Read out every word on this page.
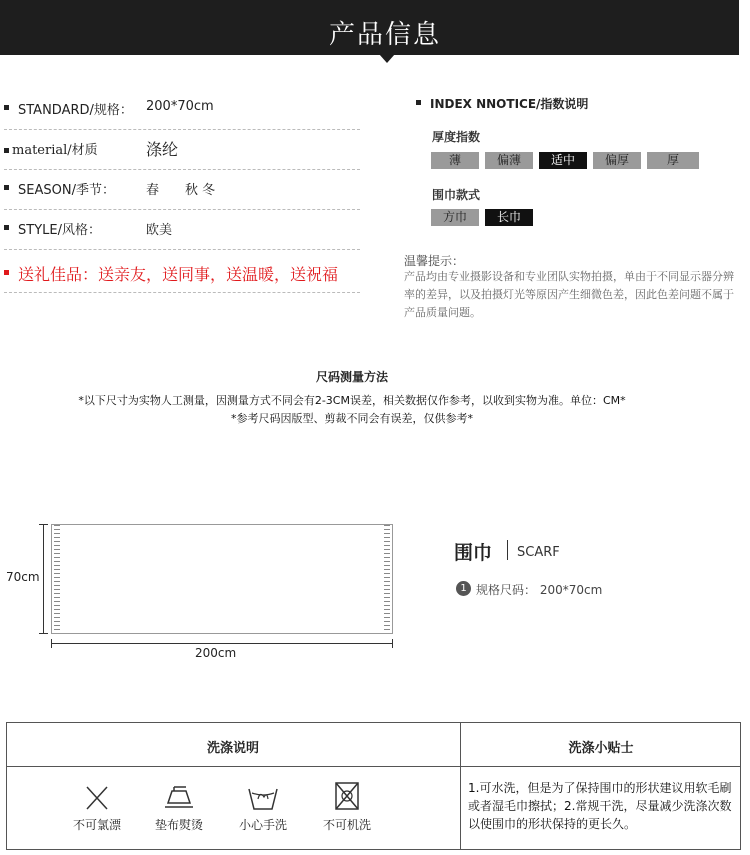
产品信息
STANDARD/规格： 200*70cm
material/材质	涤纶
SEASON/季节： 春　　秋 冬
STYLE/风格：	欧美
送礼佳品：送亲友，送同事，送温暖，送祝福
INDEX NNOTICE/指数说明
厚度指数
薄	偏薄	适中	偏厚	厚
围巾款式
方巾	长巾
温馨提示：
产品均由专业摄影设备和专业团队实物拍摄，单由于不同显示器分辨率的差异，以及拍摄灯光等原因产生细微色差，因此色差问题不属于产品质量问题。
尺码测量方法
*以下尺寸为实物人工测量，因测量方式不同会有2-3CM误差，相关数据仅作参考，以收到实物为准。单位：CM*
*参考尺码因版型、剪裁不同会有误差，仅供参考*
70cm
200cm
围巾 SCARF
1 规格尺码： 200*70cm
洗涤说明	洗涤小贴士
不可氯漂	垫布熨烫	小心手洗	不可机洗
1.可水洗，但是为了保持围巾的形状建议用软毛刷或者湿毛巾擦拭；2.常规干洗，尽量减少洗涤次数以使围巾的形状保持的更长久。
